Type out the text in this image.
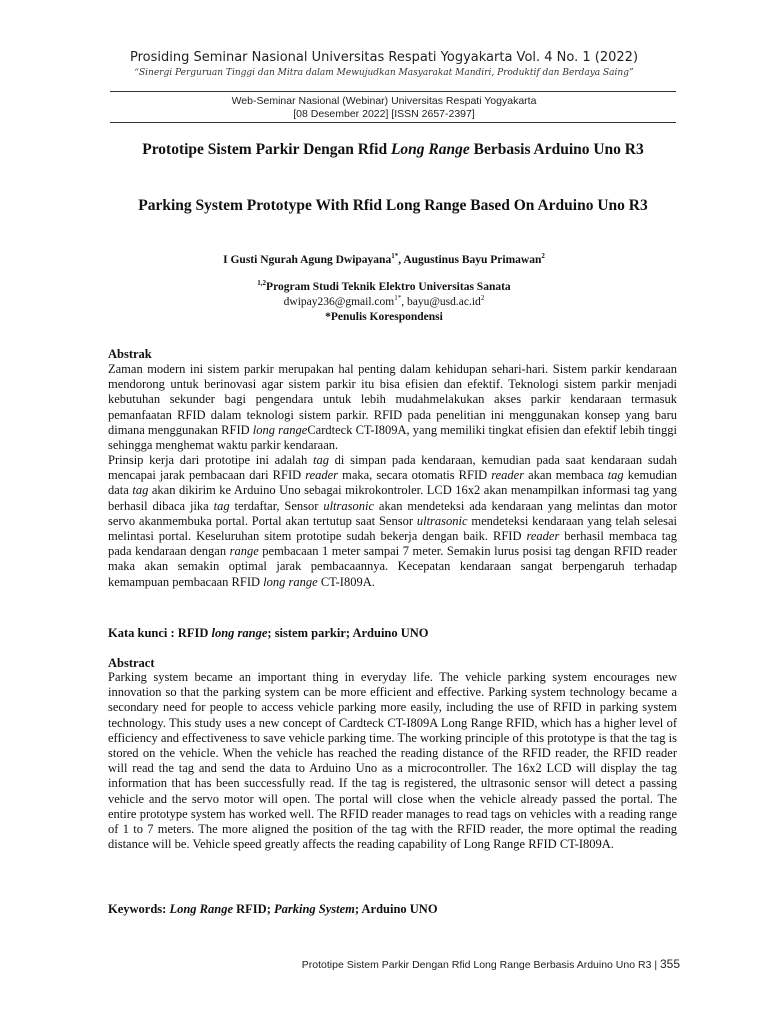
Prosiding Seminar Nasional Universitas Respati Yogyakarta Vol. 4 No. 1 (2022)
“Sinergi Perguruan Tinggi dan Mitra dalam Mewujudkan Masyarakat Mandiri, Produktif dan Berdaya Saing”
Web-Seminar Nasional (Webinar) Universitas Respati Yogyakarta
[08 Desember 2022] [ISSN 2657-2397]
Prototipe Sistem Parkir Dengan Rfid Long Range Berbasis Arduino Uno R3
Parking System Prototype With Rfid Long Range Based On Arduino Uno R3
I Gusti Ngurah Agung Dwipayana$^{1*}$, Augustinus Bayu Primawan$^2$
$^{1,2}$Program Studi Teknik Elektro Universitas Sanata
dwipay236@gmail.com$^{1*}$, $bayu@usd.ac.id^2$
*Penulis Korespondensi
Abstrak

Zaman modern ini sistem parkir merupakan hal penting dalam kehidupan sehari-hari. Sistem parkir kendaraan mendorong untuk berinovasi agar sistem parkir itu bisa efisien dan efektif. Teknologi sistem parkir menjadi kebutuhan sekunder bagi pengendara untuk lebih mudahmelakukan akses parkir kendaraan termasuk pemanfaatan RFID dalam teknologi sistem parkir. RFID pada penelitian ini menggunakan konsep yang baru dimana menggunakan RFID long rangeCardteck CT-I809A, yang memiliki tingkat efisien dan efektif lebih tinggi sehingga menghemat waktu parkir kendaraan.

Prinsip kerja dari prototipe ini adalah tag di simpan pada kendaraan, kemudian pada saat kendaraan sudah mencapai jarak pembacaan dari RFID reader maka, secara otomatis RFID reader akan membaca tag kemudian data tag akan dikirim ke Arduino Uno sebagai mikrokontroler. LCD 16x2 akan menampilkan informasi tag yang berhasil dibaca jika tag terdaftar, Sensor ultrasonic akan mendeteksi ada kendaraan yang melintas dan motor servo akanmembuka portal. Portal akan tertutup saat Sensor ultrasonic mendeteksi kendaraan yang telah selesai melintasi portal. Keseluruhan sitem prototipe sudah bekerja dengan baik. RFID reader berhasil membaca tag pada kendaraan dengan range pembacaan 1 meter sampai 7 meter. Semakin lurus posisi tag dengan RFID reader maka akan semakin optimal jarak pembacaannya. Kecepatan kendaraan sangat berpengaruh terhadap kemampuan pembacaan RFID long range CT-I809A.

Kata kunci : RFID long range; sistem parkir; Arduino UNO
Abstract

Parking system became an important thing in everyday life. The vehicle parking system encourages new innovation so that the parking system can be more efficient and effective. Parking system technology became a secondary need for people to access vehicle parking more easily, including the use of RFID in parking system technology. This study uses a new concept of Cardteck CT-I809A Long Range RFID, which has a higher level of efficiency and effectiveness to save vehicle parking time. The working principle of this prototype is that the tag is stored on the vehicle. When the vehicle has reached the reading distance of the RFID reader, the RFID reader will read the tag and send the data to Arduino Uno as a microcontroller. The 16x2 LCD will display the tag information that has been successfully read. If the tag is registered, the ultrasonic sensor will detect a passing vehicle and the servo motor will open. The portal will close when the vehicle already passed the portal. The entire prototype system has worked well. The RFID reader manages to read tags on vehicles with a reading range of 1 to 7 meters. The more aligned the position of the tag with the RFID reader, the more optimal the reading distance will be. Vehicle speed greatly affects the reading capability of Long Range RFID CT-I809A.

Keywords: Long Range RFID; Parking System; Arduino UNO
Prototipe Sistem Parkir Dengan Rfid Long Range Berbasis Arduino Uno R3 | 355
